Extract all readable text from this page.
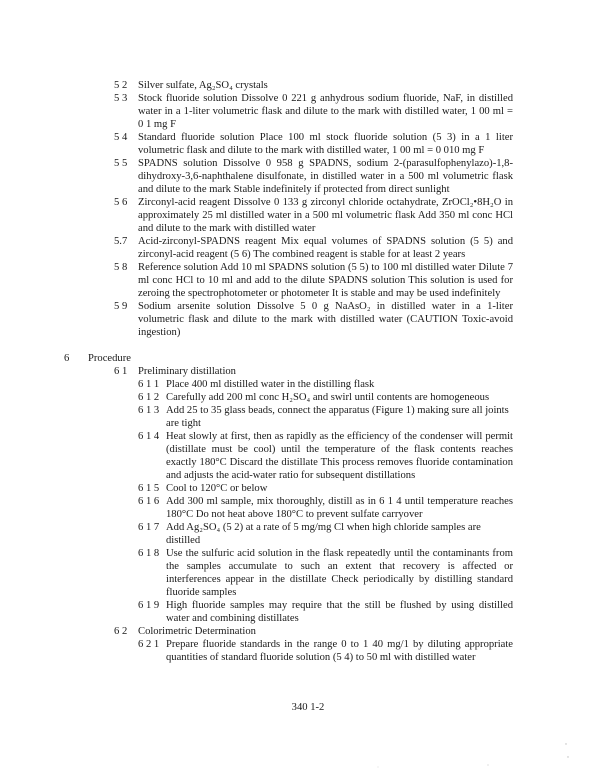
5 2 Silver sulfate, Ag₂SO₄ crystals
5 3 Stock fluoride solution Dissolve 0 221 g anhydrous sodium fluoride, NaF, in distilled water in a 1-liter volumetric flask and dilute to the mark with distilled water, 1 00 ml = 0 1 mg F
5 4 Standard fluoride solution Place 100 ml stock fluoride solution (5 3) in a 1 liter volumetric flask and dilute to the mark with distilled water, 1 00 ml = 0 010 mg F
5 5 SPADNS solution Dissolve 0 958 g SPADNS, sodium 2-(parasulfophenylazo)-1,8-dihydroxy-3,6-naphthalene disulfonate, in distilled water in a 500 ml volumetric flask and dilute to the mark Stable indefinitely if protected from direct sunlight
5 6 Zirconyl-acid reagent Dissolve 0 133 g zirconyl chloride octahydrate, ZrOCl₂•8H₂O in approximately 25 ml distilled water in a 500 ml volumetric flask Add 350 ml conc HCl and dilute to the mark with distilled water
5.7 Acid-zirconyl-SPADNS reagent Mix equal volumes of SPADNS solution (5 5) and zirconyl-acid reagent (5 6) The combined reagent is stable for at least 2 years
5 8 Reference solution Add 10 ml SPADNS solution (5 5) to 100 ml distilled water Dilute 7 ml conc HCl to 10 ml and add to the dilute SPADNS solution This solution is used for zeroing the spectrophotometer or photometer It is stable and may be used indefinitely
5 9 Sodium arsenite solution Dissolve 5 0 g NaAsO₂ in distilled water in a 1-liter volumetric flask and dilute to the mark with distilled water (CAUTION Toxic-avoid ingestion)
6 Procedure
6 1 Preliminary distillation
6 1 1 Place 400 ml distilled water in the distilling flask
6 1 2 Carefully add 200 ml conc H₂SO₄ and swirl until contents are homogeneous
6 1 3 Add 25 to 35 glass beads, connect the apparatus (Figure 1) making sure all joints are tight
6 1 4 Heat slowly at first, then as rapidly as the efficiency of the condenser will permit (distillate must be cool) until the temperature of the flask contents reaches exactly 180°C Discard the distillate This process removes fluoride contamination and adjusts the acid-water ratio for subsequent distillations
6 1 5 Cool to 120°C or below
6 1 6 Add 300 ml sample, mix thoroughly, distill as in 6 1 4 until temperature reaches 180°C Do not heat above 180°C to prevent sulfate carryover
6 1 7 Add Ag₂SO₄ (5 2) at a rate of 5 mg/mg Cl when high chloride samples are distilled
6 1 8 Use the sulfuric acid solution in the flask repeatedly until the contaminants from the samples accumulate to such an extent that recovery is affected or interferences appear in the distillate Check periodically by distilling standard fluoride samples
6 1 9 High fluoride samples may require that the still be flushed by using distilled water and combining distillates
6 2 Colorimetric Determination
6 2 1 Prepare fluoride standards in the range 0 to 1 40 mg/1 by diluting appropriate quantities of standard fluoride solution (5 4) to 50 ml with distilled water
340 1-2
